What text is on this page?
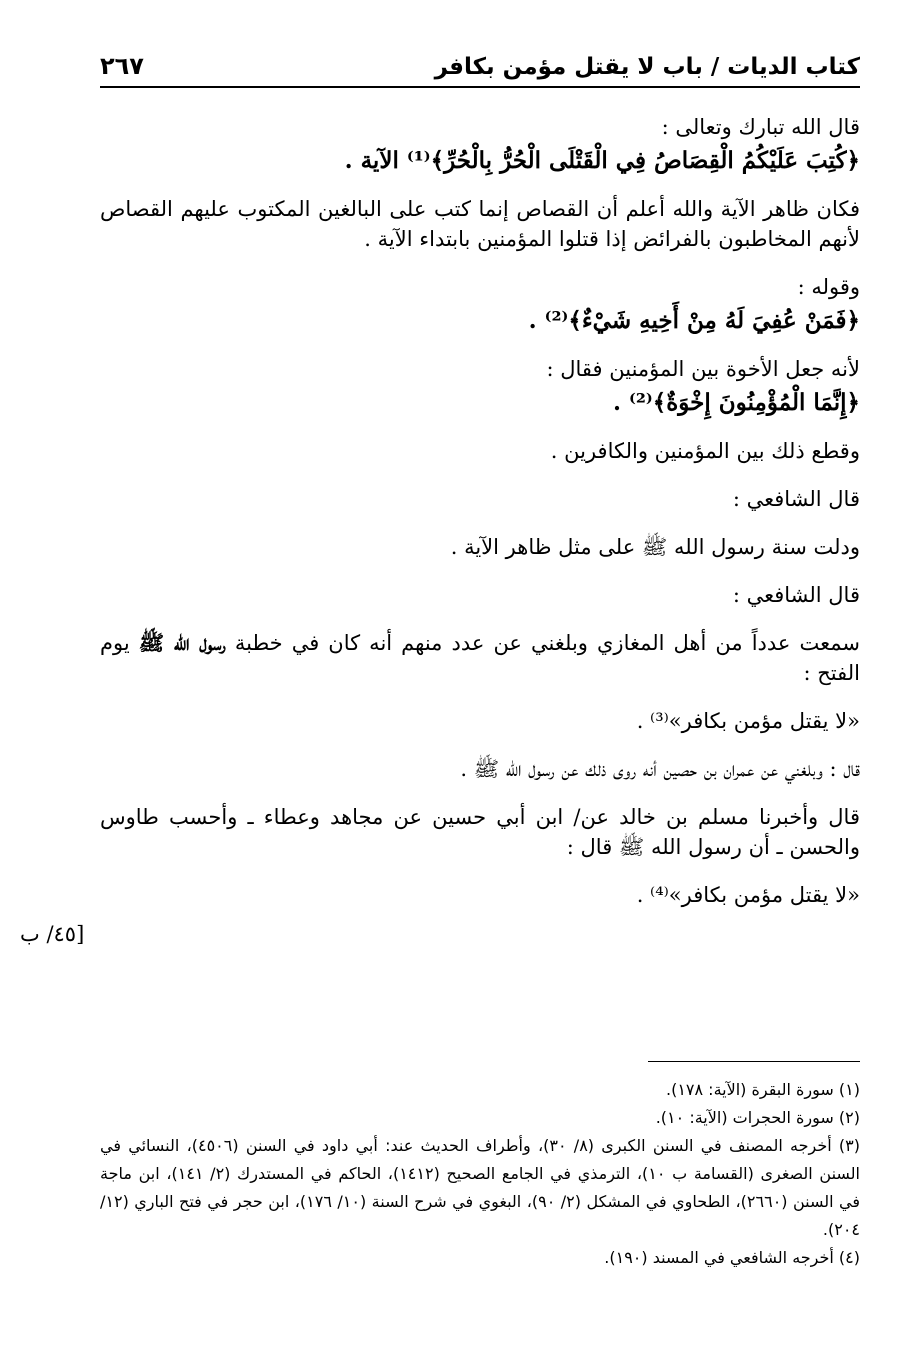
كتاب الديات / باب لا يقتل مؤمن بكافر
٢٦٧

قال الله تبارك وتعالى :

﴿كُتِبَ عَلَيْكُمُ الْقِصَاصُ فِي الْقَتْلَى الْحُرُّ بِالْحُرِّ﴾⁽¹⁾ الآية .

فكان ظاهر الآية والله أعلم أن القصاص إنما كتب على البالغين المكتوب عليهم القصاص لأنهم المخاطبون بالفرائض إذا قتلوا المؤمنين بابتداء الآية .

وقوله :

﴿فَمَنْ عُفِيَ لَهُ مِنْ أَخِيهِ شَيْءٌ﴾⁽²⁾ .

لأنه جعل الأخوة بين المؤمنين فقال :

﴿إِنَّمَا الْمُؤْمِنُونَ إِخْوَةٌ﴾⁽²⁾ .

وقطع ذلك بين المؤمنين والكافرين .

قال الشافعي :

ودلت سنة رسول الله ﷺ على مثل ظاهر الآية .

قال الشافعي :

سمعت عدداً من أهل المغازي وبلغني عن عدد منهم أنه كان في خطبة رسول الله ﷺ يوم الفتح :

«لا يقتل مؤمن بكافر»⁽³⁾ .

قال : وبلغني عن عمران بن حصين أنه روى ذلك عن رسول الله ﷺ .

قال وأخبرنا مسلم بن خالد عن/ ابن أبي حسين عن مجاهد وعطاء ـ وأحسب طاوس والحسن ـ أن رسول الله ﷺ قال :

«لا يقتل مؤمن بكافر»⁽⁴⁾ .

[٤٥/ ب

(١) سورة البقرة (الآية: ١٧٨).

(٢) سورة الحجرات (الآية: ١٠).

(٣) أخرجه المصنف في السنن الكبرى (٨/ ٣٠)، وأطراف الحديث عند: أبي داود في السنن (٤٥٠٦)، النسائي في السنن الصغرى (القسامة ب ١٠)، الترمذي في الجامع الصحيح (١٤١٢)، الحاكم في المستدرك (٢/ ١٤١)، ابن ماجة في السنن (٢٦٦٠)، الطحاوي في المشكل (٢/ ٩٠)، البغوي في شرح السنة (١٠/ ١٧٦)، ابن حجر في فتح الباري (١٢/ ٢٠٤).

(٤) أخرجه الشافعي في المسند (١٩٠).
